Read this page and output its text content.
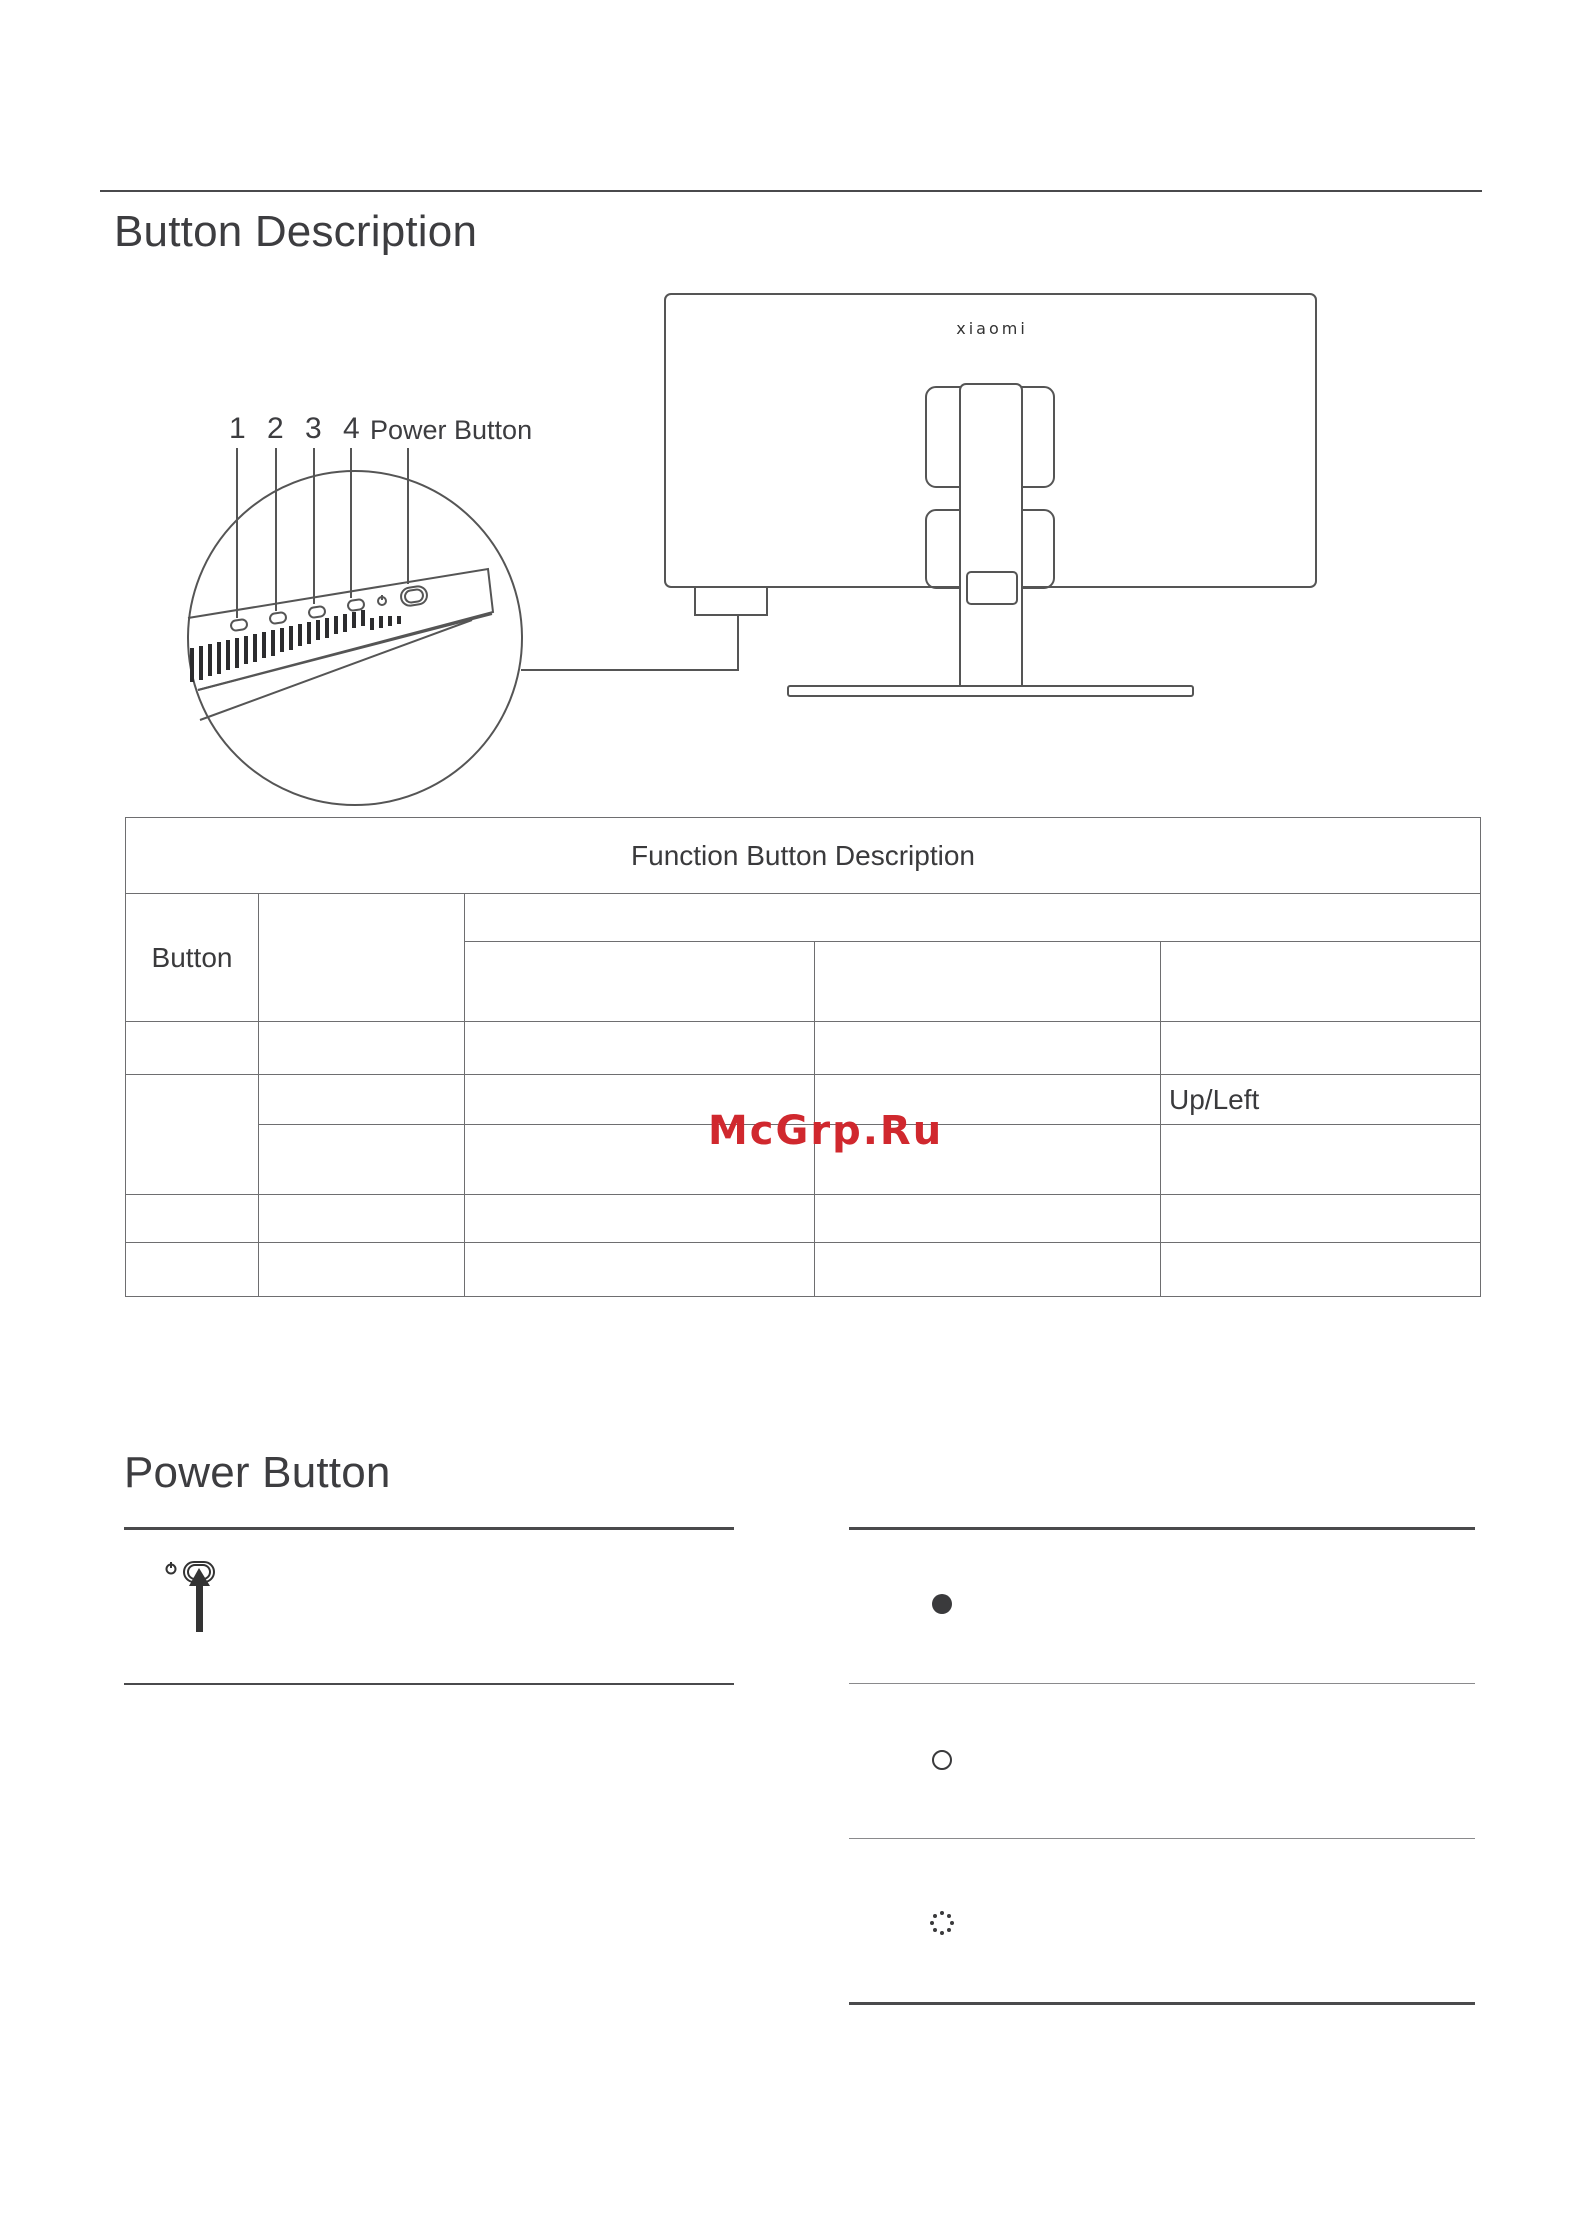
Button Description
xiaomi
1 2 3 4 Power Button
Function Button Description				
Button				

				Up/Left

McGrp.Ru
Power Button
